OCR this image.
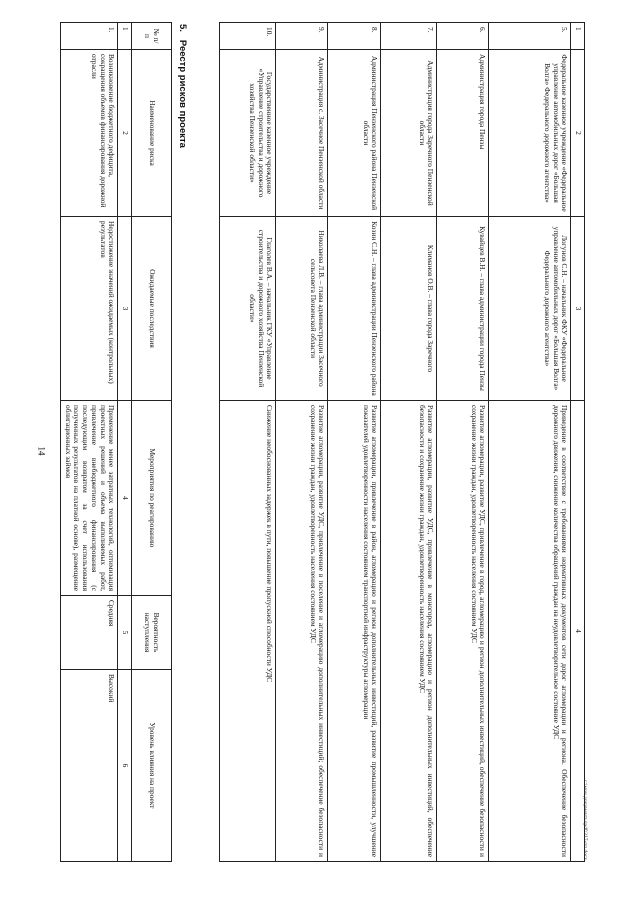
14
1	2	3	4
5.	Федеральное казенное учреждение «Федеральное управление автомобильных дорог «Большая Волга» Федерального дорожного агентства»	Логунов С.Н. – начальник ФКУ «Федеральное управление автомобильных дорог «Большая Волга» Федерального дорожного агентства»	Приведение в соответствие с требованиями нормативных документов сети дорог агломерации и региона. Обеспечение безопасности дорожного движения, снижение количества обращений граждан на неудовлетворительное состояние УДС
6.	Администрация города Пензы	Кувайцев В.Н. – глава администрации города Пензы	Развитие агломерации, развитие УДС, привлечение в город, агломерацию и регион дополнительных инвестиций, обеспечение безопасности и сохранение жизни граждан, удовлетворенность населения состоянием УДС
7.	Администрация города Заречного Пензенской области	Климанов О.В. – глава города Заречного	Развитие агломерации, развитие УДС, привлечение в моногород, агломерацию и регион дополнительных инвестиций, обеспечение безопасности и сохранение жизни граждан, удовлетворенность населения состоянием УДС
8.	Администрация Пензенского района Пензенской области	Козин С.Н. – глава администрации Пензенского района	Развитие агломерации, привлечение в район, агломерацию и регион дополнительных инвестиций, развитие промышленности, улучшение показателей удовлетворенности населения состоянием транспортной инфраструктуры агломерации
9.	Администрация с. Засечное Пензенской области	Николаева Л.В. – глава администрации Засечного сельсовета Пензенской области	Развитие агломерации, развитие УДС, привлечение в поселение и агломерацию дополнительных инвестиций; обеспечение безопасности и сохранение жизни граждан, удовлетворенность населения состоянием УДС
10.	Государственное казенное учреждение «Управление строительства и дорожного хозяйства Пензенской области»	Глаголев В.А. – начальник ГКУ «Управление строительства и дорожного хозяйства Пензенской области»	Снижение необоснованных задержек в пути, повышение пропускной способности УДС
5.   Реестр рисков проекта
№ п/п	Наименование риска	Ожидаемые последствия	Мероприятия по реагированию	Вероятность наступления	Уровень влияния на проект
1	2	3	4	5	6
1.	Возникновение бюджетного дефицита, сокращения объемов финансирования дорожной отрасли	Недостижение значений ожидаемых (контрольных) результатов	Применение менее затратных технологий, оптимизация проектных решений и объема выполняемых работ, привлечение внебюджетного финансирования (с последующим возвратом за счет использования полученных результатов на платной основе), размещение облигационных займов	Средняя	Высокий
c:\мои документы\pdf\317-пп.docx
